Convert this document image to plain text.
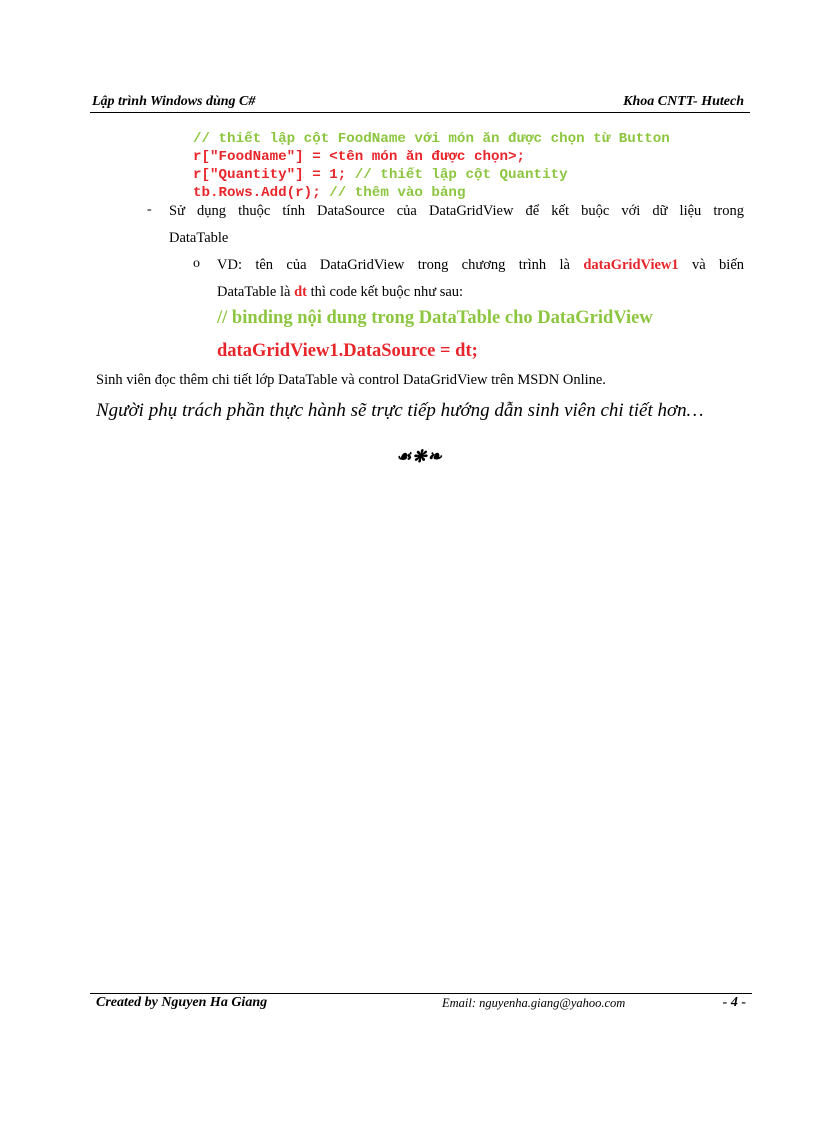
Lập trình Windows dùng C#	Khoa CNTT- Hutech
// thiết lập cột FoodName với món ăn được chọn từ Button
r["FoodName"] = <tên món ăn được chọn>;
r["Quantity"] = 1; // thiết lập cột Quantity
tb.Rows.Add(r); // thêm vào bảng
- Sử dụng thuộc tính DataSource của DataGridView để kết buộc với dữ liệu trong
DataTable
o VD: tên của DataGridView trong chương trình là dataGridView1 và biến
DataTable là dt thì code kết buộc như sau:
// binding nội dung trong DataTable cho DataGridView
dataGridView1.DataSource = dt;
Sinh viên đọc thêm chi tiết lớp DataTable và control DataGridView trên MSDN Online.
Người phụ trách phần thực hành sẽ trực tiếp hướng dẫn sinh viên chi tiết hơn…
☙❋❧
Created by Nguyen Ha Giang	Email: nguyenha.giang@yahoo.com	- 4 -
